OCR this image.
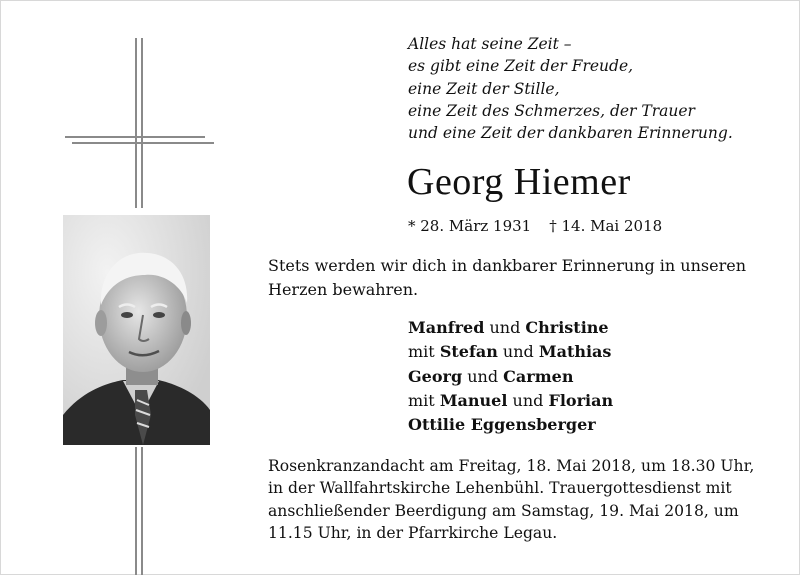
Alles hat seine Zeit –
es gibt eine Zeit der Freude,
eine Zeit der Stille,
eine Zeit des Schmerzes, der Trauer
und eine Zeit der dankbaren Erinnerung.
Georg Hiemer
* 28. März 1931 † 14. Mai 2018
Stets werden wir dich in dankbarer Erinnerung in unseren Herzen bewahren.
Manfred und Christine
mit Stefan und Mathias
Georg und Carmen
mit Manuel und Florian
Ottilie Eggensberger
Rosenkranzandacht am Freitag, 18. Mai 2018, um 18.30 Uhr,
in der Wallfahrtskirche Lehenbühl. Trauergottesdienst mit
anschließender Beerdigung am Samstag, 19. Mai 2018, um
11.15 Uhr, in der Pfarrkirche Legau.
